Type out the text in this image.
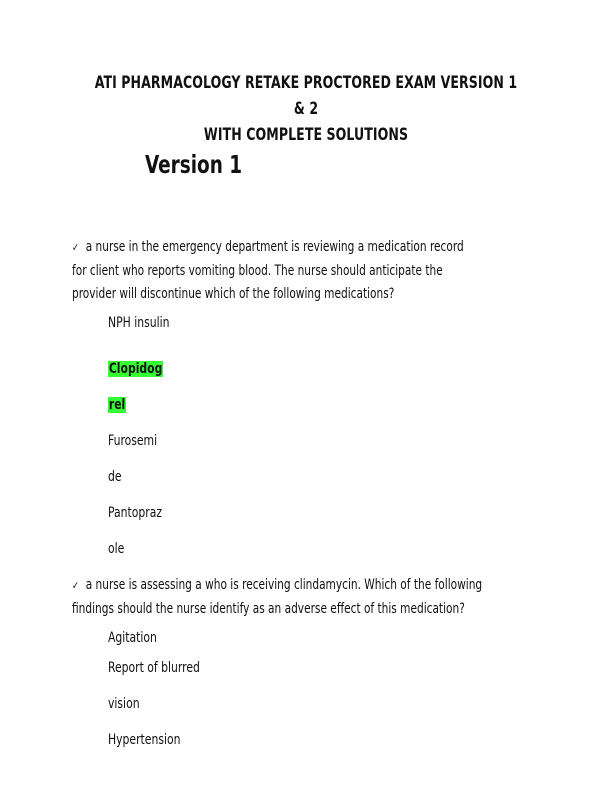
ATI PHARMACOLOGY RETAKE PROCTORED EXAM VERSION 1 & 2
WITH COMPLETE SOLUTIONS
Version 1
✓ a nurse in the emergency department is reviewing a medication record
for client who reports vomiting blood. The nurse should anticipate the
provider will discontinue which of the following medications?
NPH insulin
Clopidog
rel
Furosemi
de
Pantopraz
ole
✓ a nurse is assessing a who is receiving clindamycin. Which of the following
findings should the nurse identify as an adverse effect of this medication?
Agitation
Report of blurred
vision
Hypertension
